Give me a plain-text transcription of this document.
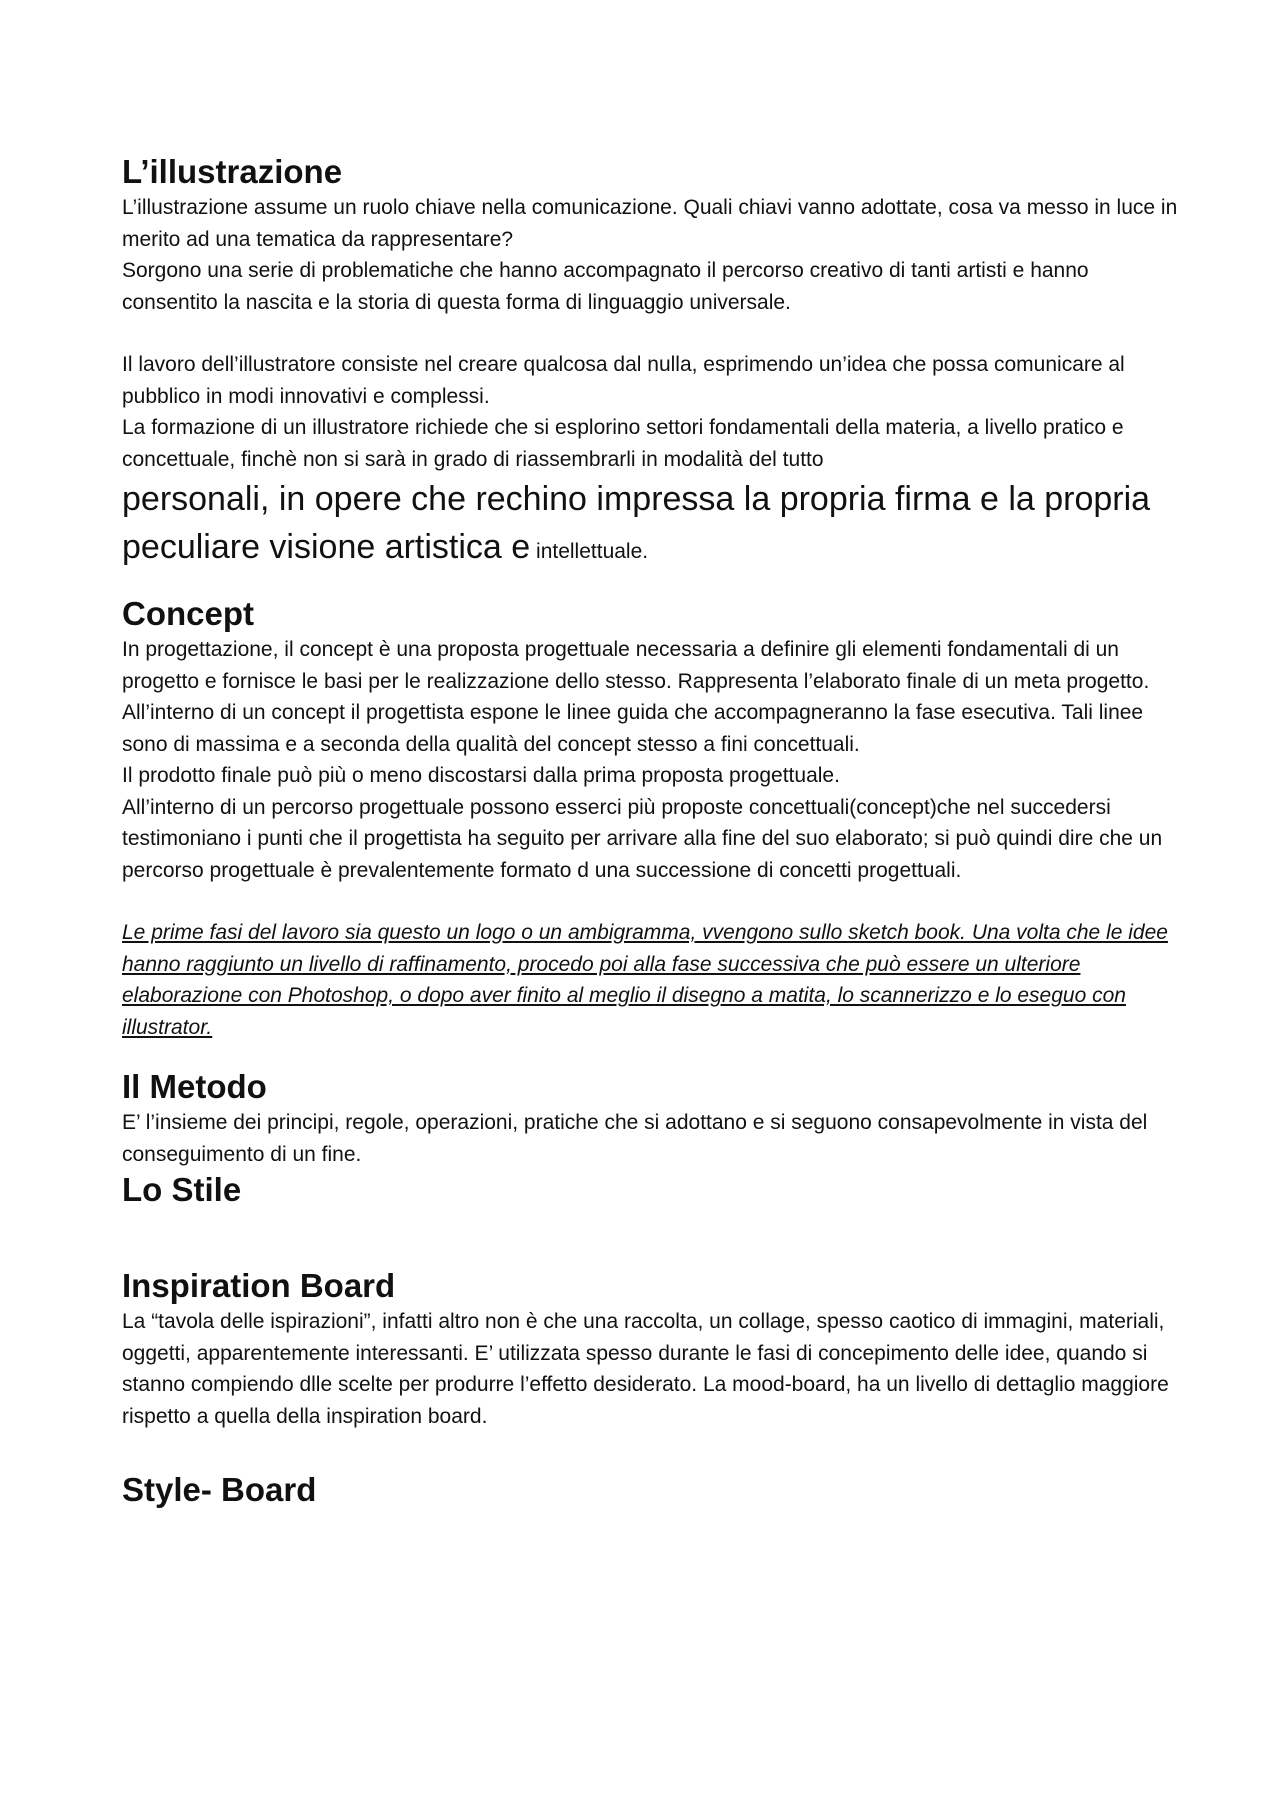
L’illustrazione

L’illustrazione assume un ruolo chiave nella comunicazione. Quali chiavi vanno adottate, cosa va messo in luce in merito ad una tematica da rappresentare?

Sorgono una serie di problematiche che hanno accompagnato il percorso creativo di tanti artisti e hanno consentito la nascita e la storia di questa forma di linguaggio universale.

Il lavoro dell’illustratore consiste nel creare qualcosa dal nulla, esprimendo un’idea che possa comunicare al pubblico in modi innovativi e complessi.

La formazione di un illustratore richiede che si esplorino settori fondamentali della materia, a livello pratico e concettuale, finchè non si sarà in grado di riassembrarli in modalità del tutto

personali, in opere che rechino impressa la propria firma e la propria peculiare visione artistica e intellettuale.

Concept

In progettazione, il concept è una proposta progettuale necessaria a definire gli elementi fondamentali di un progetto e fornisce le basi per le realizzazione dello stesso. Rappresenta l’elaborato finale di un meta progetto.

All’interno di un concept il progettista espone le linee guida che accompagneranno la fase esecutiva. Tali linee sono di massima e a seconda della qualità del concept stesso a fini concettuali.

Il prodotto finale può più o meno discostarsi dalla prima proposta progettuale.

All’interno di un percorso progettuale possono esserci più proposte concettuali(concept)che nel succedersi testimoniano i punti che il progettista ha seguito per arrivare alla fine del suo elaborato; si può quindi dire che un percorso progettuale è prevalentemente formato d una successione di concetti progettuali.

Le prime fasi del lavoro sia questo un logo o un ambigramma, vvengono sullo sketch book. Una volta che le idee hanno raggiunto un livello di raffinamento, procedo poi alla fase successiva che può essere un ulteriore elaborazione con Photoshop, o dopo aver finito al meglio il disegno a matita, lo scannerizzo e lo eseguo con illustrator.

Il Metodo

E’ l’insieme dei principi, regole, operazioni, pratiche che si adottano e si seguono consapevolmente in vista del conseguimento di un fine.

Lo Stile
Inspiration Board

La “tavola delle ispirazioni”, infatti altro non è che una raccolta, un collage, spesso caotico di immagini, materiali, oggetti, apparentemente interessanti. E’ utilizzata spesso durante le fasi di concepimento delle idee, quando si stanno compiendo dlle scelte per produrre l’effetto desiderato. La mood-board, ha un livello di dettaglio maggiore rispetto a quella della inspiration board.

Style- Board
